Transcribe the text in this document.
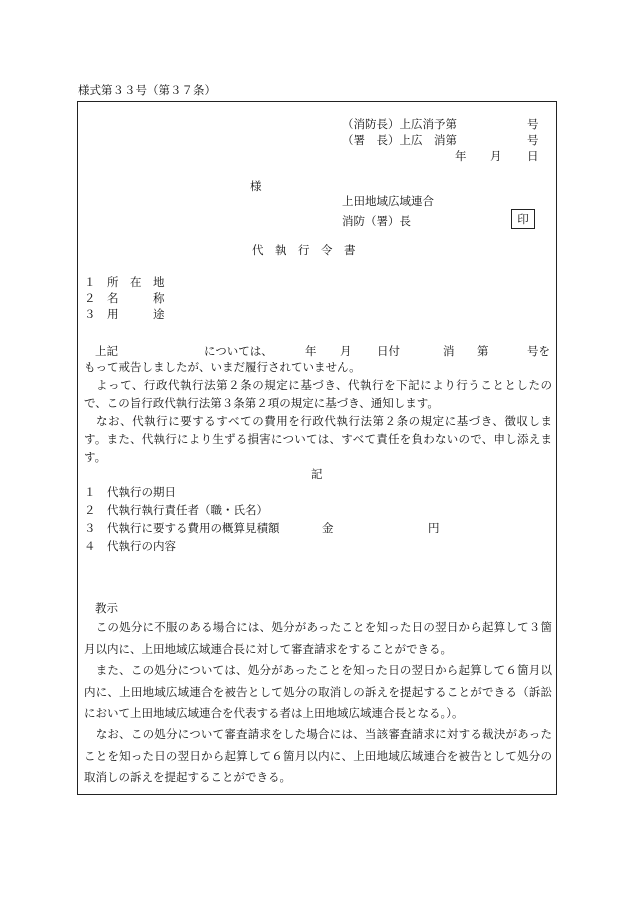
様式第３３号（第３７条）
（消防長）上広消予第	号
（署　長）上広　消第	号
年 月 日
様
上田地域広域連合
消防（署）長	印
代　執　行　令　書
１　所　在　地
２　名　　　称
３　用　　　途
上記	については、	年 月 日付	消 第	号を
もって戒告しましたが、いまだ履行されていません。
　よって、行政代執行法第２条の規定に基づき、代執行を下記により行うこととしたので、この旨行政代執行法第３条第２項の規定に基づき、通知します。
　なお、代執行に要するすべての費用を行政代執行法第２条の規定に基づき、徴収します。また、代執行により生ずる損害については、すべて責任を負わないので、申し添えます。
記
１　代執行の期日
２　代執行執行責任者（職・氏名）
３　代執行に要する費用の概算見積額	金	円
４　代執行の内容
教示
　この処分に不服のある場合には、処分があったことを知った日の翌日から起算して３箇月以内に、上田地域広域連合長に対して審査請求をすることができる。
　また、この処分については、処分があったことを知った日の翌日から起算して６箇月以内に、上田地域広域連合を被告として処分の取消しの訴えを提起することができる（訴訟において上田地域広域連合を代表する者は上田地域広域連合長となる。）。
　なお、この処分について審査請求をした場合には、当該審査請求に対する裁決があったことを知った日の翌日から起算して６箇月以内に、上田地域広域連合を被告として処分の取消しの訴えを提起することができる。
